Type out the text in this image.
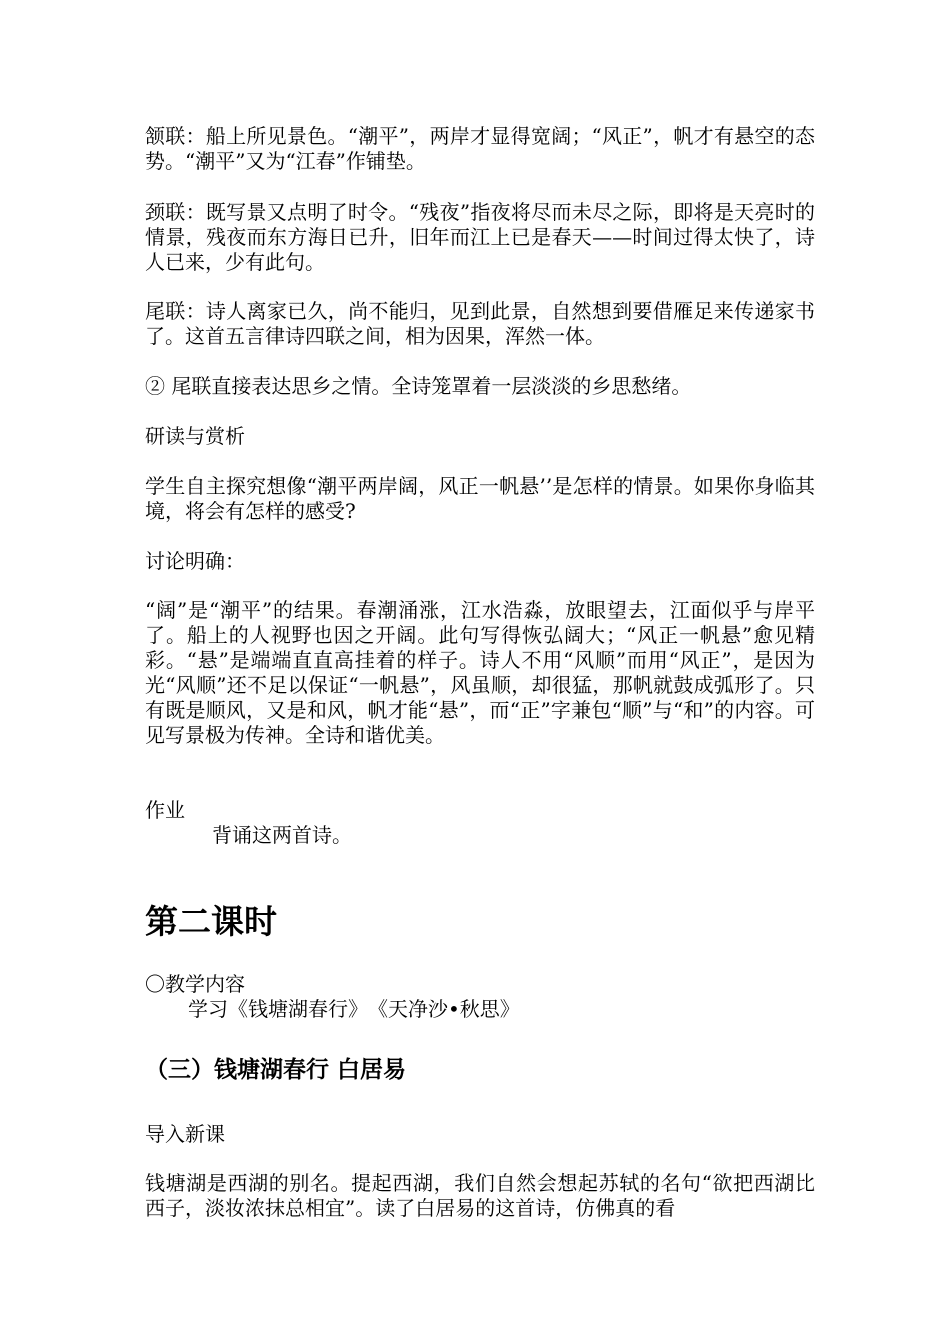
颔联：船上所见景色。“潮平”，两岸才显得宽阔；“风正”，帆才有悬空的态势。“潮平”又为“江春”作铺垫。

颈联：既写景又点明了时令。“残夜”指夜将尽而未尽之际，即将是天亮时的情景，残夜而东方海日已升，旧年而江上已是春天——时间过得太快了，诗人已来，少有此句。

尾联：诗人离家已久，尚不能归，见到此景，自然想到要借雁足来传递家书了。这首五言律诗四联之间，相为因果，浑然一体。

② 尾联直接表达思乡之情。全诗笼罩着一层淡淡的乡思愁绪。

研读与赏析

学生自主探究想像“潮平两岸阔，风正一帆悬’’是怎样的情景。如果你身临其境，将会有怎样的感受?

讨论明确：

“阔”是“潮平”的结果。春潮涌涨，江水浩淼，放眼望去，江面似乎与岸平了。船上的人视野也因之开阔。此句写得恢弘阔大；“风正一帆悬”愈见精彩。“悬”是端端直直高挂着的样子。诗人不用“风顺”而用“风正”，是因为光“风顺”还不足以保证“一帆悬”，风虽顺，却很猛，那帆就鼓成弧形了。只有既是顺风，又是和风，帆才能“悬”，而“正”字兼包“顺”与“和”的内容。可见写景极为传神。全诗和谐优美。

作业

背诵这两首诗。

第二课时

〇教学内容

学习《钱塘湖春行》　《天净沙•秋思》

（三）钱塘湖春行 白居易

导入新课

钱塘湖是西湖的别名。提起西湖，我们自然会想起苏轼的名句“欲把西湖比西子，淡妆浓抹总相宜”。读了白居易的这首诗，仿佛真的看
